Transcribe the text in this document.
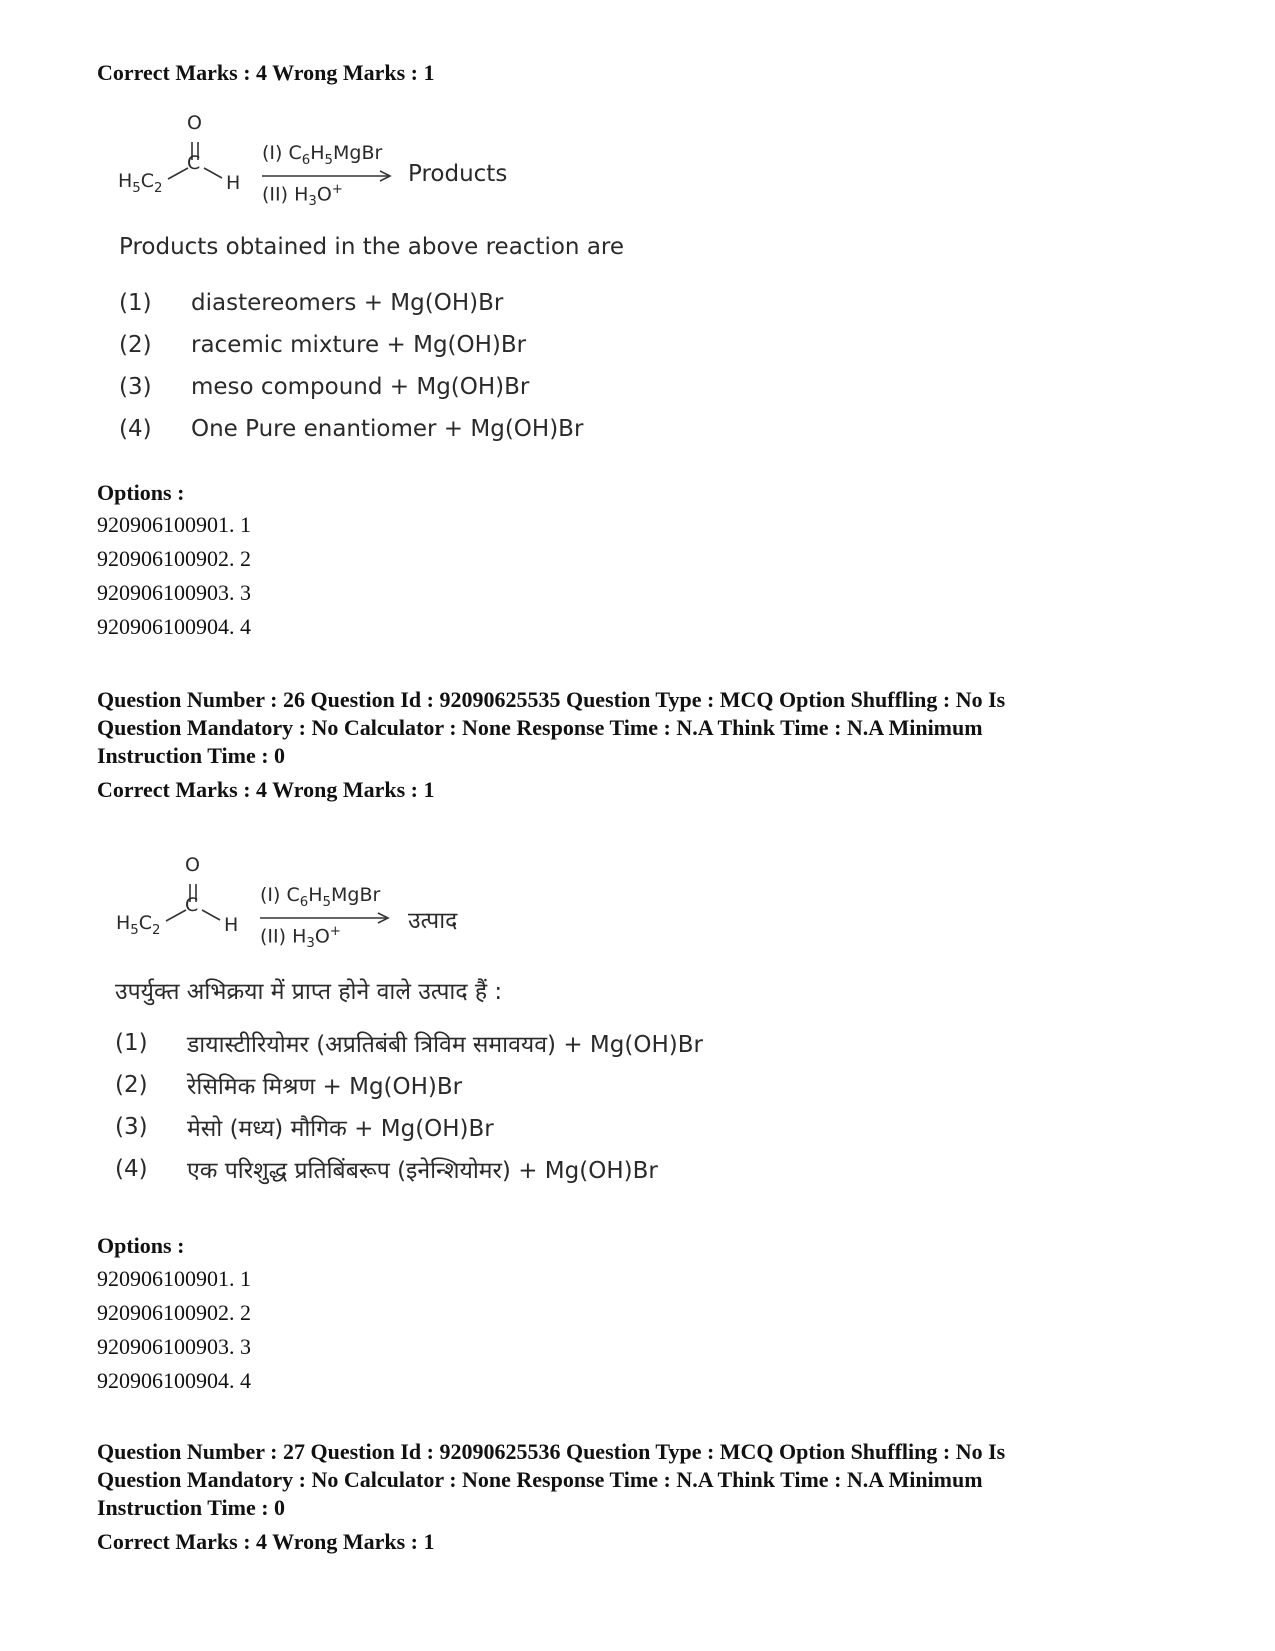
Correct Marks : 4 Wrong Marks : 1
O
C
H
$H_5C_2$
(I) $C_6H_5MgBr$
(II) $H_3O^+$
Products
Products obtained in the above reaction are
(1)	diastereomers + Mg(OH)Br
(2)	racemic mixture + Mg(OH)Br
(3)	meso compound + Mg(OH)Br
(4)	One Pure enantiomer + Mg(OH)Br
Options :
920906100901. 1
920906100902. 2
920906100903. 3
920906100904. 4
Question Number : 26 Question Id : 92090625535 Question Type : MCQ Option Shuffling : No Is
Question Mandatory : No Calculator : None Response Time : N.A Think Time : N.A Minimum
Instruction Time : 0
Correct Marks : 4 Wrong Marks : 1
O
C
H
$H_5C_2$
(I) $C_6H_5MgBr$
(II) $H_3O^+$	उत्पाद
उपर्युक्त अभिक्रया में प्राप्त होने वाले उत्पाद हैं :
(1)	डायास्टीरियोमर (अप्रतिबंबी त्रिविम समावयव) + Mg(OH)Br
(2)	रेसिमिक मिश्रण + Mg(OH)Br
(3)	मेसो (मध्य) मौगिक + Mg(OH)Br
(4)	एक परिशुद्ध प्रतिबिंबरूप (इनेन्शियोमर) + Mg(OH)Br
Options :
920906100901. 1
920906100902. 2
920906100903. 3
920906100904. 4
Question Number : 27 Question Id : 92090625536 Question Type : MCQ Option Shuffling : No Is
Question Mandatory : No Calculator : None Response Time : N.A Think Time : N.A Minimum
Instruction Time : 0
Correct Marks : 4 Wrong Marks : 1
